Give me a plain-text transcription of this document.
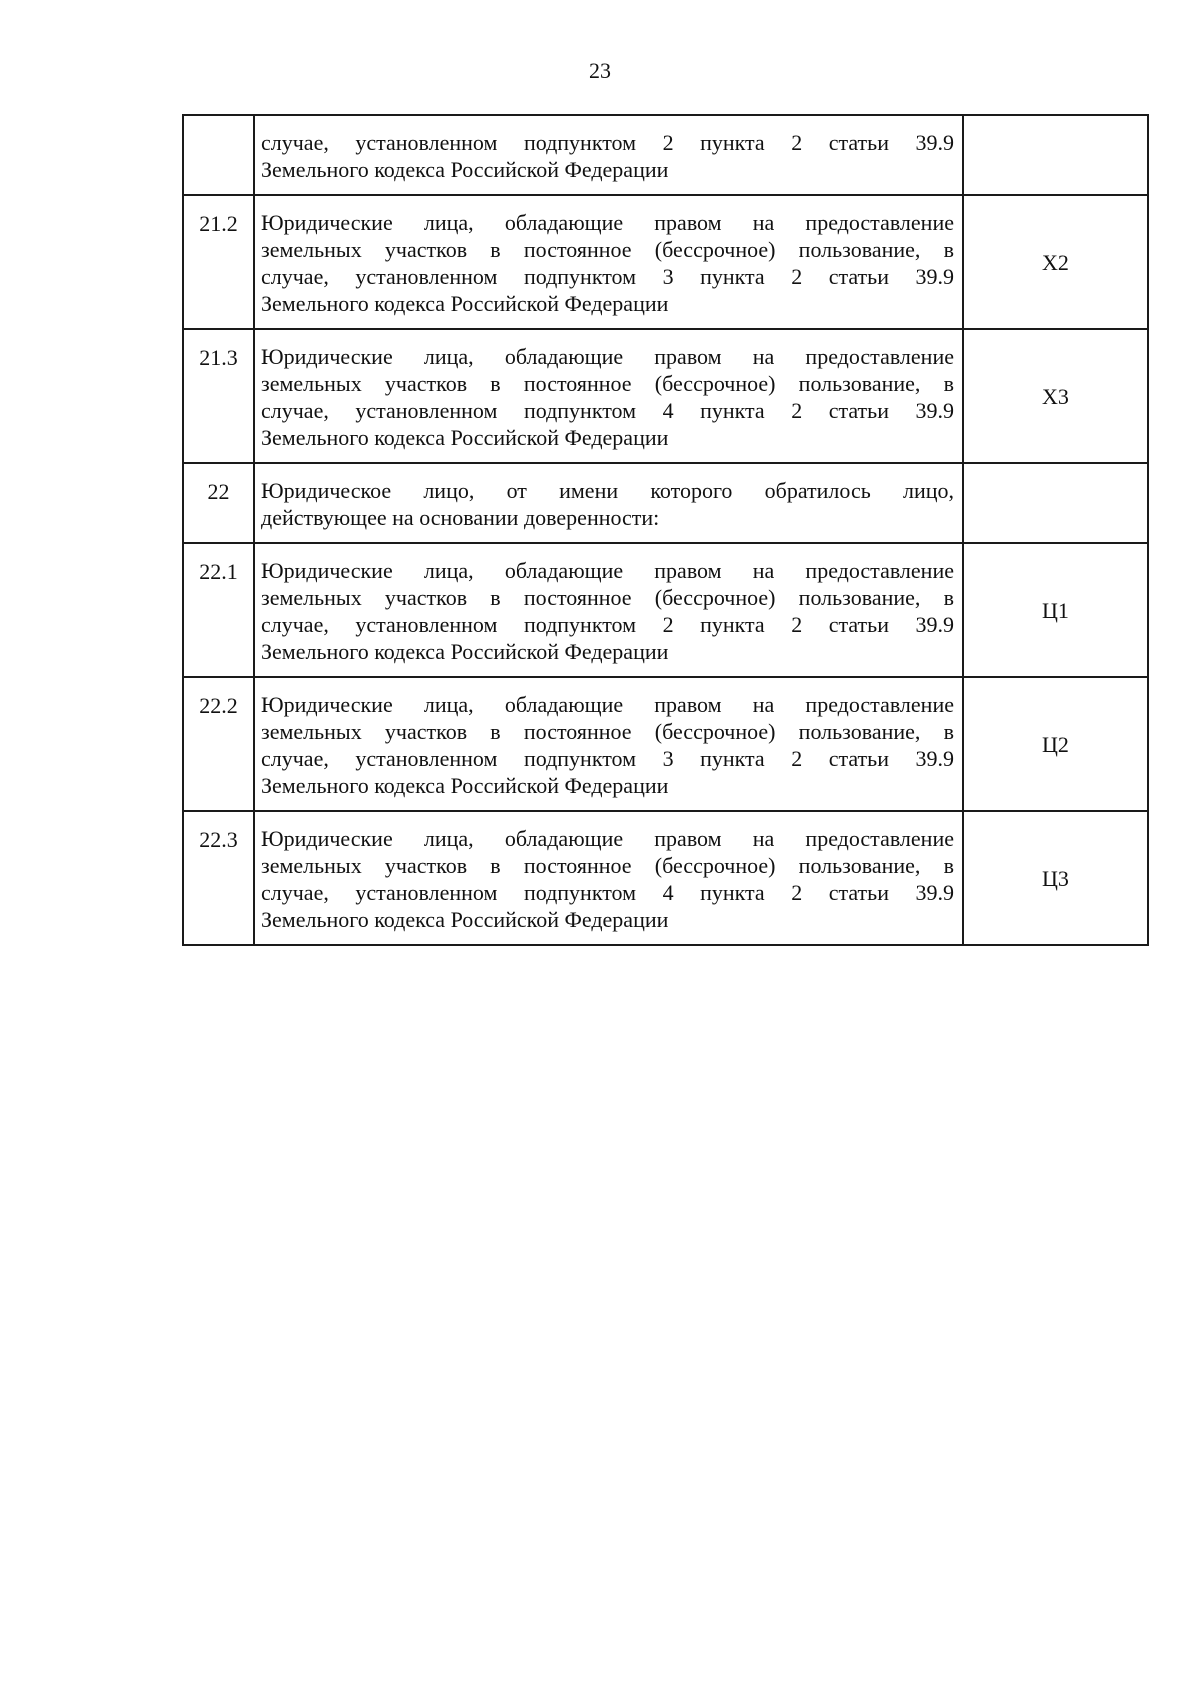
23

	случае, установленном подпунктом 2 пункта 2 статьи 39.9
Земельного кодекса Российской Федерации	

21.2	Юридические лица, обладающие правом на предоставление
земельных участков в постоянное (бессрочное) пользование, в
случае, установленном подпунктом 3 пункта 2 статьи 39.9
Земельного кодекса Российской Федерации	Х2
21.3	Юридические лица, обладающие правом на предоставление
земельных участков в постоянное (бессрочное) пользование, в
случае, установленном подпунктом 4 пункта 2 статьи 39.9
Земельного кодекса Российской Федерации	Х3
22	Юридическое лицо, от имени которого обратилось лицо,
действующее на основании доверенности:	

22.1	Юридические лица, обладающие правом на предоставление
земельных участков в постоянное (бессрочное) пользование, в
случае, установленном подпунктом 2 пункта 2 статьи 39.9
Земельного кодекса Российской Федерации	Ц1
22.2	Юридические лица, обладающие правом на предоставление
земельных участков в постоянное (бессрочное) пользование, в
случае, установленном подпунктом 3 пункта 2 статьи 39.9
Земельного кодекса Российской Федерации	Ц2
22.3	Юридические лица, обладающие правом на предоставление
земельных участков в постоянное (бессрочное) пользование, в
случае, установленном подпунктом 4 пункта 2 статьи 39.9
Земельного кодекса Российской Федерации	Ц3
